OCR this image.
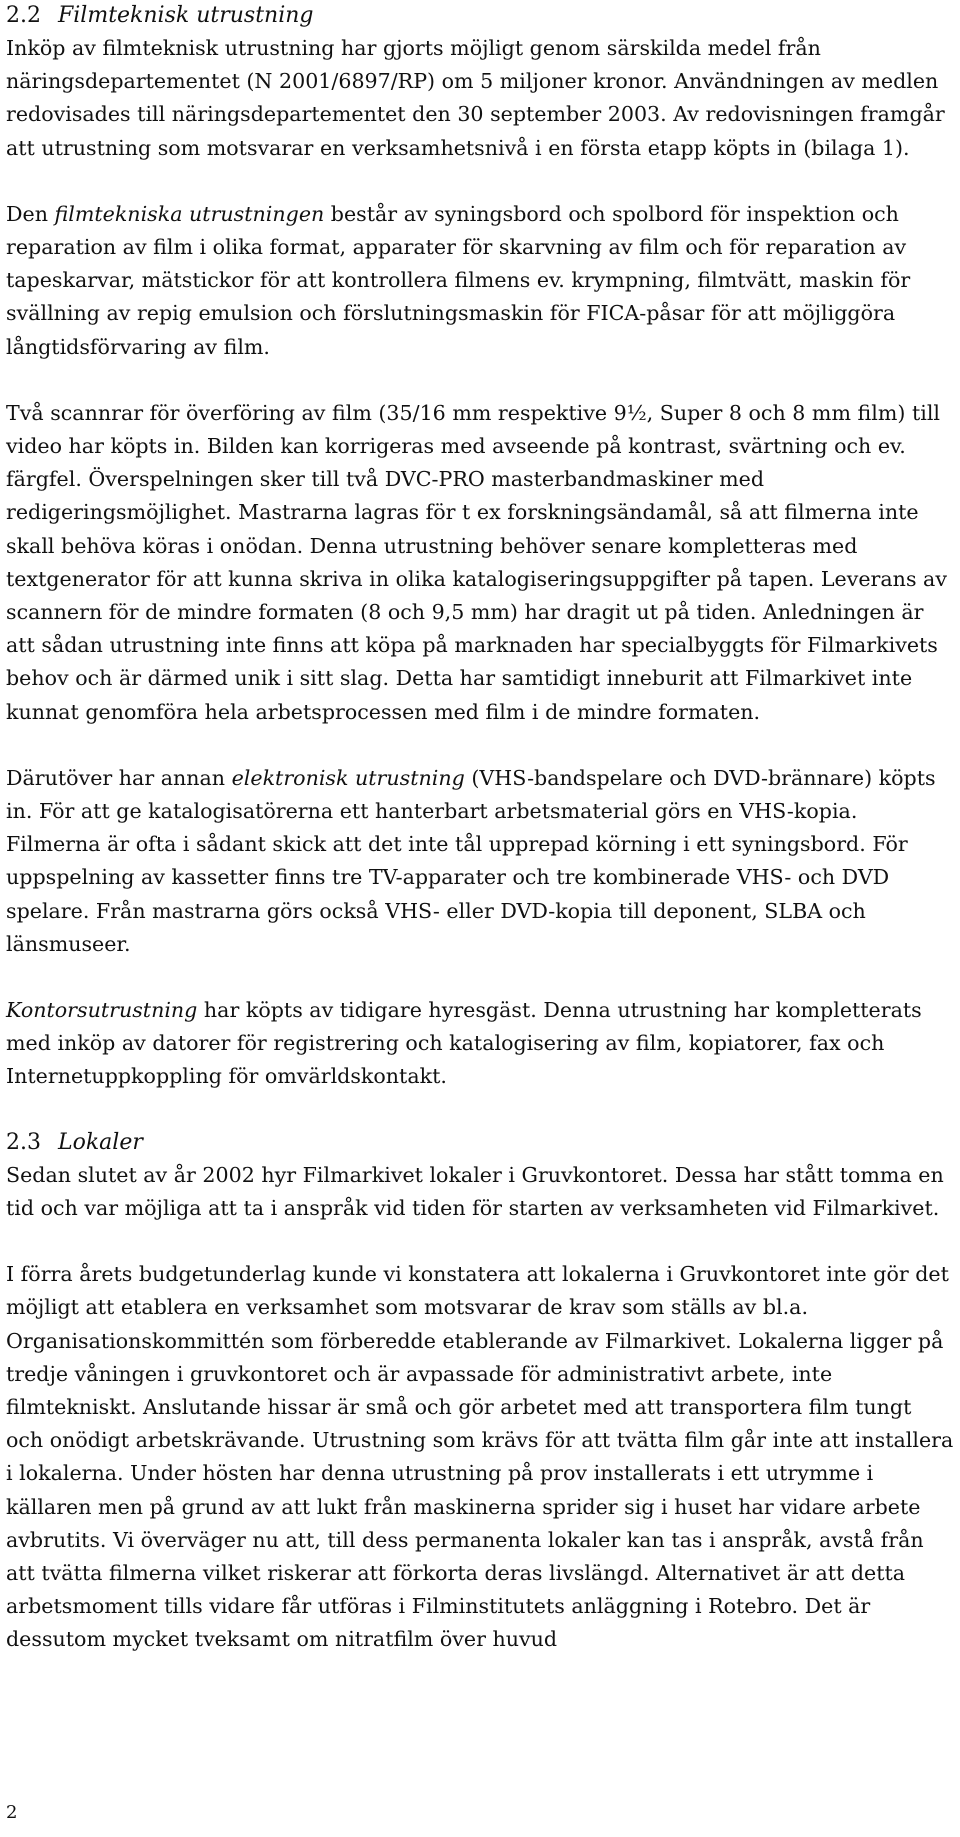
2.2 Filmteknisk utrustning

Inköp av filmteknisk utrustning har gjorts möjligt genom särskilda medel från näringsdepartementet (N 2001/6897/RP) om 5 miljoner kronor. Användningen av medlen redovisades till näringsdepartementet den 30 september 2003. Av redovisningen framgår att utrustning som motsvarar en verksamhetsnivå i en första etapp köpts in (bilaga 1).

Den filmtekniska utrustningen består av syningsbord och spolbord för inspektion och reparation av film i olika format, apparater för skarvning av film och för reparation av tapeskarvar, mätstickor för att kontrollera filmens ev. krympning, filmtvätt, maskin för svällning av repig emulsion och förslutningsmaskin för FICA-påsar för att möjliggöra långtidsförvaring av film.

Två scannrar för överföring av film (35/16 mm respektive 9½, Super 8 och 8 mm film) till video har köpts in. Bilden kan korrigeras med avseende på kontrast, svärtning och ev. färgfel. Överspelningen sker till två DVC-PRO masterbandmaskiner med redigeringsmöjlighet. Mastrarna lagras för t ex forskningsändamål, så att filmerna inte skall behöva köras i onödan. Denna utrustning behöver senare kompletteras med textgenerator för att kunna skriva in olika katalogiseringsuppgifter på tapen. Leverans av scannern för de mindre formaten (8 och 9,5 mm) har dragit ut på tiden. Anledningen är att sådan utrustning inte finns att köpa på marknaden har specialbyggts för Filmarkivets behov och är därmed unik i sitt slag. Detta har samtidigt inneburit att Filmarkivet inte kunnat genomföra hela arbetsprocessen med film i de mindre formaten.

Därutöver har annan elektronisk utrustning (VHS-bandspelare och DVD-brännare) köpts in. För att ge katalogisatörerna ett hanterbart arbetsmaterial görs en VHS-kopia. Filmerna är ofta i sådant skick att det inte tål upprepad körning i ett syningsbord. För uppspelning av kassetter finns tre TV-apparater och tre kombinerade VHS- och DVD spelare. Från mastrarna görs också VHS- eller DVD-kopia till deponent, SLBA och länsmuseer.

Kontorsutrustning har köpts av tidigare hyresgäst. Denna utrustning har kompletterats med inköp av datorer för registrering och katalogisering av film, kopiatorer, fax och Internetuppkoppling för omvärldskontakt.

2.3 Lokaler

Sedan slutet av år 2002 hyr Filmarkivet lokaler i Gruvkontoret. Dessa har stått tomma en tid och var möjliga att ta i anspråk vid tiden för starten av verksamheten vid Filmarkivet.

I förra årets budgetunderlag kunde vi konstatera att lokalerna i Gruvkontoret inte gör det möjligt att etablera en verksamhet som motsvarar de krav som ställs av bl.a. Organisationskommittén som förberedde etablerande av Filmarkivet. Lokalerna ligger på tredje våningen i gruvkontoret och är avpassade för administrativt arbete, inte filmtekniskt. Anslutande hissar är små och gör arbetet med att transportera film tungt och onödigt arbetskrävande. Utrustning som krävs för att tvätta film går inte att installera i lokalerna. Under hösten har denna utrustning på prov installerats i ett utrymme i källaren men på grund av att lukt från maskinerna sprider sig i huset har vidare arbete avbrutits. Vi överväger nu att, till dess permanenta lokaler kan tas i anspråk, avstå från att tvätta filmerna vilket riskerar att förkorta deras livslängd. Alternativet är att detta arbetsmoment tills vidare får utföras i Filminstitutets anläggning i Rotebro. Det är dessutom mycket tveksamt om nitratfilm över huvud

2
